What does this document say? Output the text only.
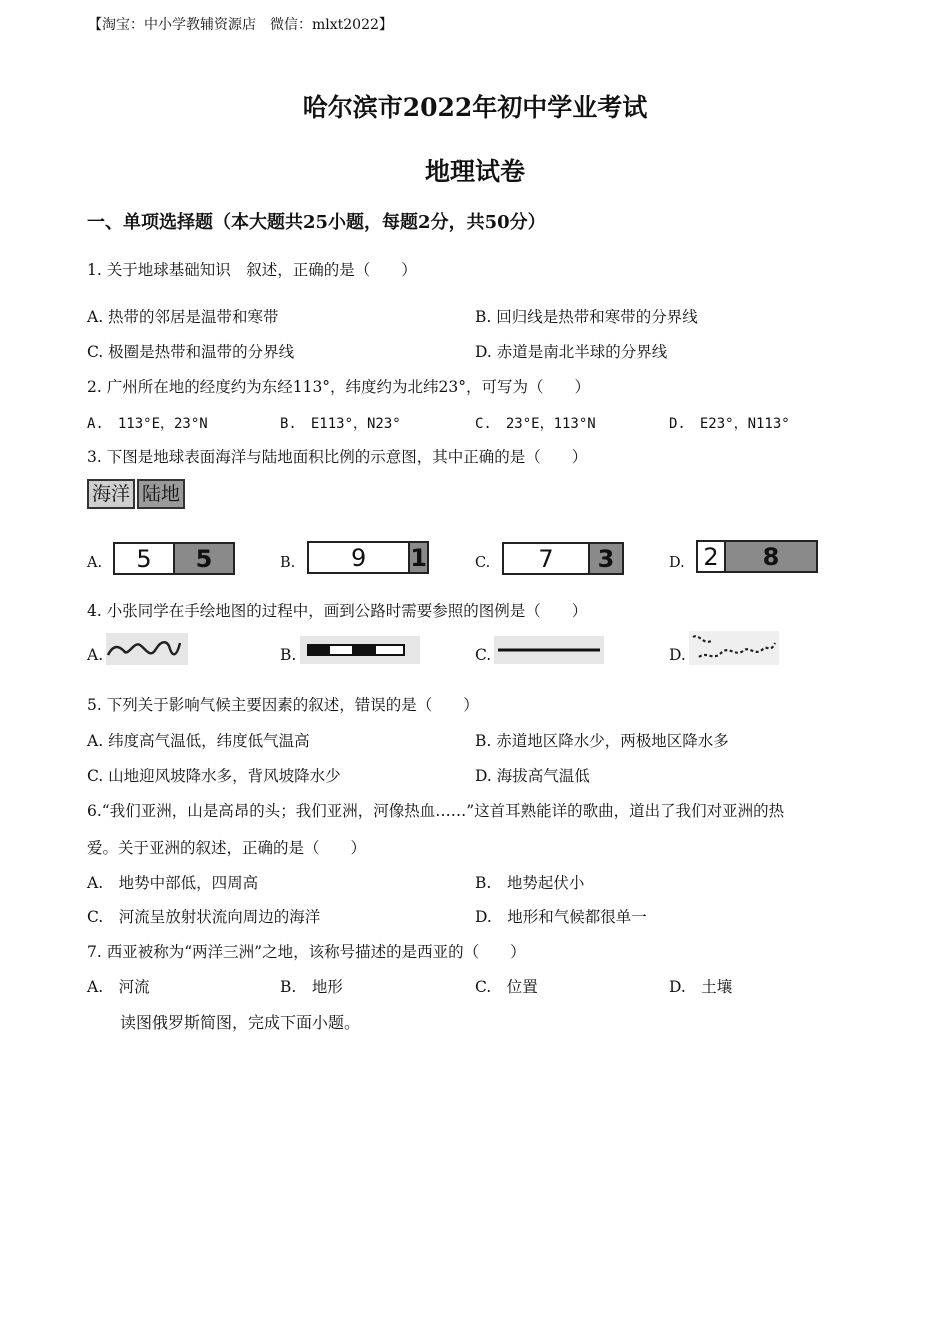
【淘宝：中小学教辅资源店　微信：mlxt2022】
哈尔滨市2022年初中学业考试
地理试卷
一、单项选择题（本大题共25小题，每题2分，共50分）
1. 关于地球基础知识　叙述，正确的是（　　）
A. 热带的邻居是温带和寒带	B. 回归线是热带和寒带的分界线
C. 极圈是热带和温带的分界线	D. 赤道是南北半球的分界线
2. 广州所在地的经度约为东经113°，纬度约为北纬23°，可写为（　　）
A.　113°E，23°N	B.　E113°，N23°	C.　23°E，113°N	D.　E23°，N113°
3. 下图是地球表面海洋与陆地面积比例的示意图，其中正确的是（　　）
海洋 陆地
A.	5	5	B.	9	1	C.	7	3	D. 2	8
4. 小张同学在手绘地图的过程中，画到公路时需要参照的图例是（　　）
A.	B.	C.	D.
5. 下列关于影响气候主要因素的叙述，错误的是（　　）
A. 纬度高气温低，纬度低气温高	B. 赤道地区降水少，两极地区降水多
C. 山地迎风坡降水多，背风坡降水少	D. 海拔高气温低
6.“我们亚洲，山是高昂的头；我们亚洲，河像热血……”这首耳熟能详的歌曲，道出了我们对亚洲的热
爱。关于亚洲的叙述，正确的是（　　）
A.　地势中部低，四周高	B.　地势起伏小
C.　河流呈放射状流向周边的海洋	D.　地形和气候都很单一
7. 西亚被称为“两洋三洲”之地，该称号描述的是西亚的（　　）
A.　河流	B.　地形	C.　位置	D.　土壤
读图俄罗斯简图，完成下面小题。
